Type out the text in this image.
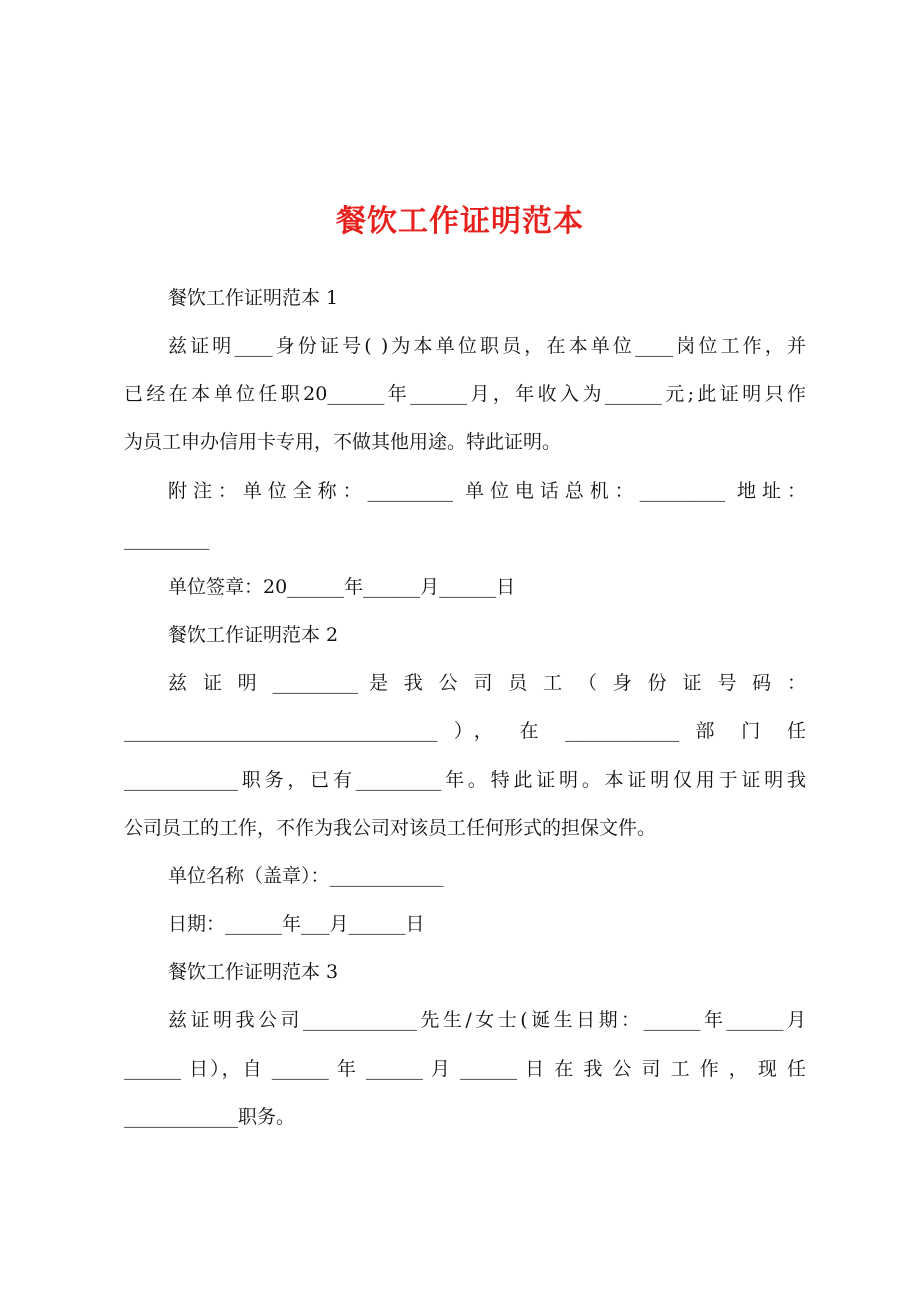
餐饮工作证明范本
餐饮工作证明范本 1
兹证明____身份证号( )为本单位职员，在本单位____岗位工作，并
已经在本单位任职20______年______月，年收入为______元;此证明只作
为员工申办信用卡专用，不做其他用途。特此证明。
附注：单位全称：_________ 单位电话总机：_________ 地址：
_________
单位签章：20______年______月______日
餐饮工作证明范本 2
兹 证 明 _________ 是 我 公 司 员 工 （ 身 份 证 号 码 ：
_________________________________ ）， 在 ____________ 部 门 任
____________职务，已有_________年。特此证明。本证明仅用于证明我
公司员工的工作，不作为我公司对该员工任何形式的担保文件。
单位名称（盖章）：____________
日期：______年___月______日
餐饮工作证明范本 3
兹证明我公司____________先生/女士(诞生日期：______年______月
______ 日），自 ______ 年 ______ 月 ______ 日 在 我 公 司 工 作 ， 现 任
____________职务。
